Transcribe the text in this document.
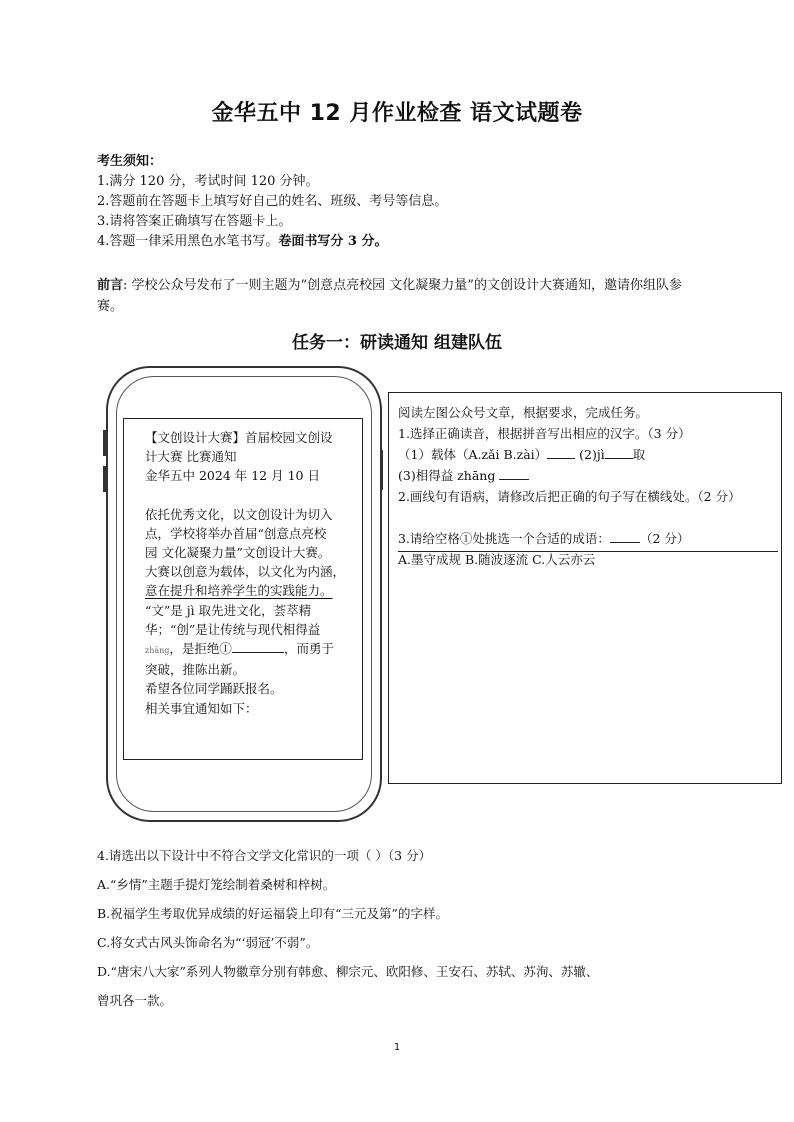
金华五中 12 月作业检查 语文试题卷
考生须知：
1.满分 120 分，考试时间 120 分钟。
2.答题前在答题卡上填写好自己的姓名、班级、考号等信息。
3.请将答案正确填写在答题卡上。
4.答题一律采用黑色水笔书写。卷面书写分 3 分。
前言: 学校公众号发布了一则主题为“创意点亮校园 文化凝聚力量”的文创设计大赛通知，邀请你组队参赛。
任务一：研读通知 组建队伍

【文创设计大赛】首届校园文创设

计大赛 比赛通知

金华五中 2024 年 12 月 10 日

依托优秀文化，以文创设计为切入

点，学校将举办首届“创意点亮校

园 文化凝聚力量”文创设计大赛。

大赛以创意为载体，以文化为内涵，

意在提升和培养学生的实践能力。

“文”是 jì 取先进文化，荟萃精

华；“创”是让传统与现代相得益

zhāng，是拒绝①	，而勇于

突破，推陈出新。

希望各位同学踊跃报名。

相关事宜通知如下：

阅读左图公众号文章，根据要求，完成任务。

1.选择正确读音，根据拼音写出相应的汉字。（3 分）

（1）载体（A.zǎi B.zài） (2)jì 取

(3)相得益 zhāng

2.画线句有语病，请修改后把正确的句子写在横线处。（2 分）

3.请给空格①处挑选一个合适的成语： （2 分）

A.墨守成规 B.随波逐流 C.人云亦云

4.请选出以下设计中不符合文学文化常识的一项（ ）（3 分）

A.“乡情”主题手提灯笼绘制着桑树和梓树。

B.祝福学生考取优异成绩的好运福袋上印有“三元及第”的字样。

C.将女式古风头饰命名为“‘弱冠’不弱”。

D.“唐宋八大家”系列人物徽章分别有韩愈、柳宗元、欧阳修、王安石、苏轼、苏洵、苏辙、

曾巩各一款。

1
